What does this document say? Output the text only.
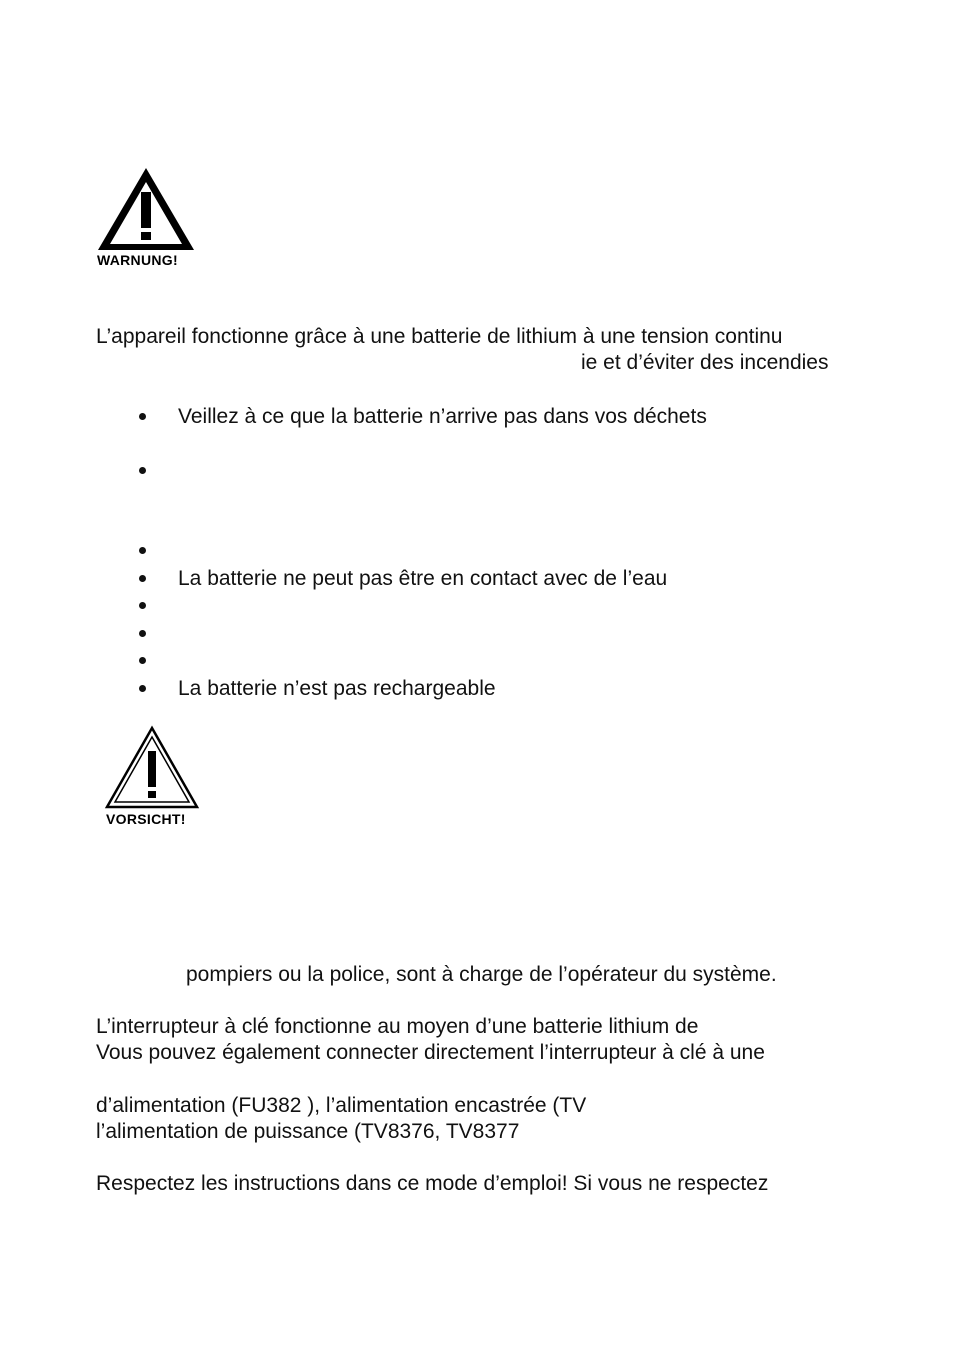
WARNUNG!
L’appareil fonctionne grâce à une batterie de lithium à une tension continu
ie et d’éviter des incendies
Veillez à ce que la batterie n’arrive pas dans vos déchets
La batterie ne peut pas être en contact avec de l’eau
La batterie n’est pas rechargeable
VORSICHT!
pompiers ou la police, sont à charge de l’opérateur du système.
L’interrupteur à clé fonctionne au moyen d’une batterie lithium de
Vous pouvez également connecter directement l’interrupteur à clé à une
d’alimentation (FU382 ), l’alimentation encastrée (TV
l’alimentation de puissance (TV8376, TV8377
Respectez les instructions dans ce mode d’emploi! Si vous ne respectez
